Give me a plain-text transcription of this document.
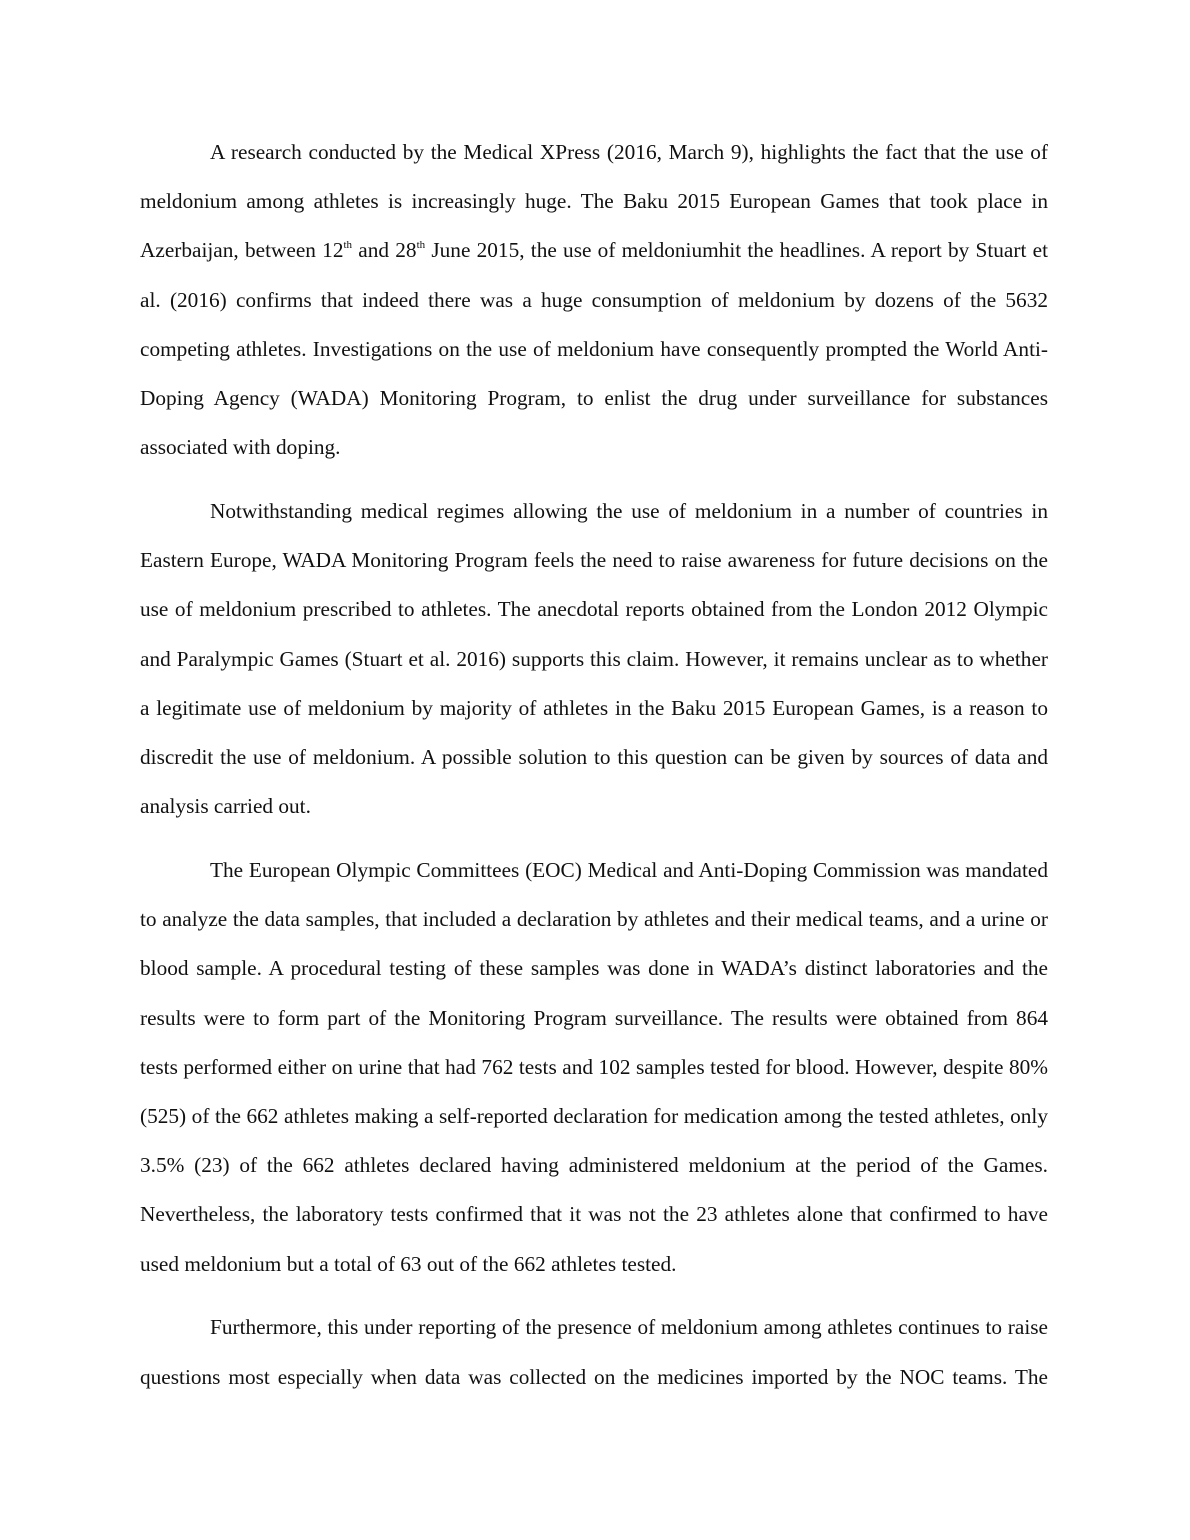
A research conducted by the Medical XPress (2016, March 9), highlights the fact that the use of meldonium among athletes is increasingly huge. The Baku 2015 European Games that took place in Azerbaijan, between 12th and 28th June 2015, the use of meldoniumhit the headlines. A report by Stuart et al. (2016) confirms that indeed there was a huge consumption of meldonium by dozens of the 5632 competing athletes. Investigations on the use of meldonium have consequently prompted the World Anti-Doping Agency (WADA) Monitoring Program, to enlist the drug under surveillance for substances associated with doping.

Notwithstanding medical regimes allowing the use of meldonium in a number of countries in Eastern Europe, WADA Monitoring Program feels the need to raise awareness for future decisions on the use of meldonium prescribed to athletes. The anecdotal reports obtained from the London 2012 Olympic and Paralympic Games (Stuart et al. 2016) supports this claim. However, it remains unclear as to whether a legitimate use of meldonium by majority of athletes in the Baku 2015 European Games, is a reason to discredit the use of meldonium. A possible solution to this question can be given by sources of data and analysis carried out.

The European Olympic Committees (EOC) Medical and Anti-Doping Commission was mandated to analyze the data samples, that included a declaration by athletes and their medical teams, and a urine or blood sample. A procedural testing of these samples was done in WADA’s distinct laboratories and the results were to form part of the Monitoring Program surveillance. The results were obtained from 864 tests performed either on urine that had 762 tests and 102 samples tested for blood. However, despite 80% (525) of the 662 athletes making a self-reported declaration for medication among the tested athletes, only 3.5% (23) of the 662 athletes declared having administered meldonium at the period of the Games. Nevertheless, the laboratory tests confirmed that it was not the 23 athletes alone that confirmed to have used meldonium but a total of 63 out of the 662 athletes tested.

Furthermore, this under reporting of the presence of meldonium among athletes continues to raise questions most especially when data was collected on the medicines imported by the NOC teams. The
